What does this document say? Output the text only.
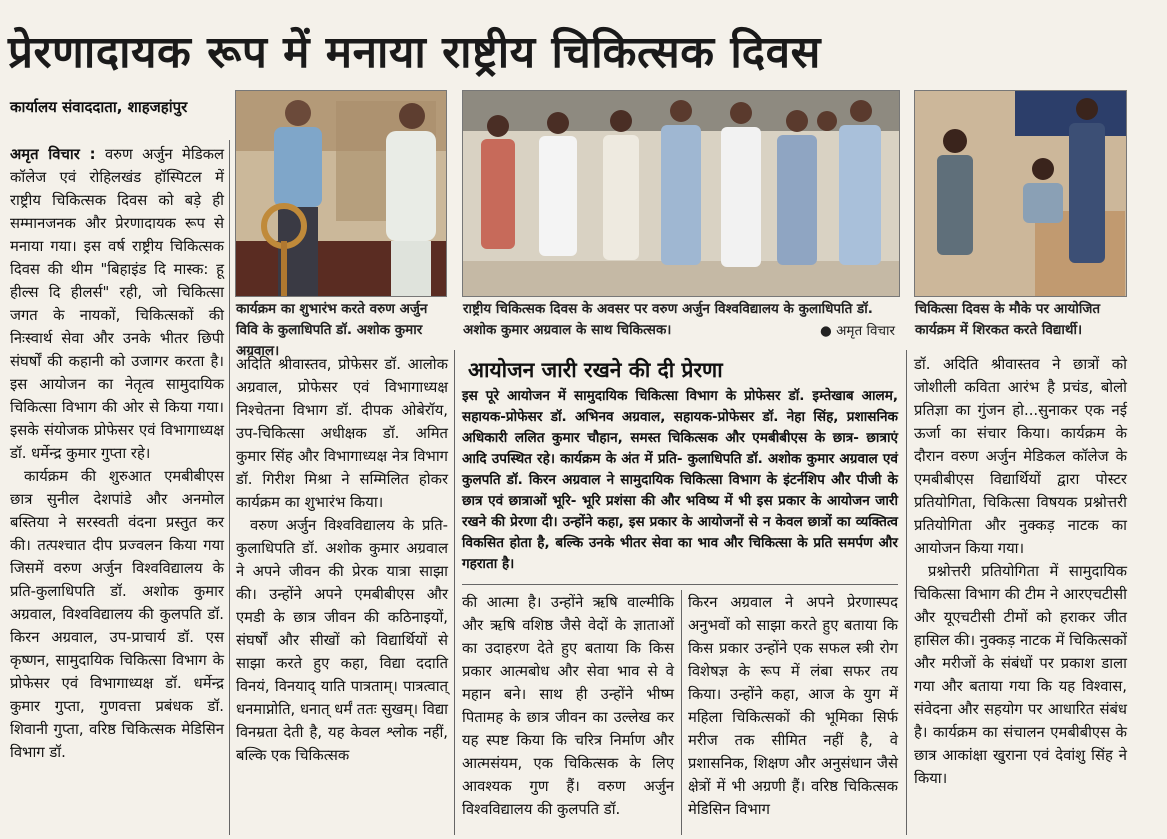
प्रेरणादायक रूप में मनाया राष्ट्रीय चिकित्सक दिवस
कार्यालय संवाददाता, शाहजहांपुर

अमृत विचार : वरुण अर्जुन मेडिकल कॉलेज एवं रोहिलखंड हॉस्पिटल में राष्ट्रीय चिकित्सक दिवस को बड़े ही सम्मानजनक और प्रेरणादायक रूप से मनाया गया। इस वर्ष राष्ट्रीय चिकित्सक दिवस की थीम "बिहाइंड दि मास्क: हू हील्स दि हीलर्स" रही, जो चिकित्सा जगत के नायकों, चिकित्सकों की निःस्वार्थ सेवा और उनके भीतर छिपी संघर्षों की कहानी को उजागर करता है। इस आयोजन का नेतृत्व सामुदायिक चिकित्सा विभाग की ओर से किया गया। इसके संयोजक प्रोफेसर एवं विभागाध्यक्ष डॉ. धर्मेन्द्र कुमार गुप्ता रहे।

कार्यक्रम की शुरुआत एमबीबीएस छात्र सुनील देशपांडे और अनमोल बस्तिया ने सरस्वती वंदना प्रस्तुत कर की। तत्पश्चात दीप प्रज्वलन किया गया जिसमें वरुण अर्जुन विश्वविद्यालय के प्रति-कुलाधिपति डॉ. अशोक कुमार अग्रवाल, विश्वविद्यालय की कुलपति डॉ. किरन अग्रवाल, उप-प्राचार्य डॉ. एस कृष्णन, सामुदायिक चिकित्सा विभाग के प्रोफेसर एवं विभागाध्यक्ष डॉ. धर्मेन्द्र कुमार गुप्ता, गुणवत्ता प्रबंधक डॉ. शिवानी गुप्ता, वरिष्ठ चिकित्सक मेडिसिन विभाग डॉ.

कार्यक्रम का शुभारंभ करते वरुण अर्जुन विवि के कुलाधिपति डॉ. अशोक कुमार अग्रवाल।
राष्ट्रीय चिकित्सक दिवस के अवसर पर वरुण अर्जुन विश्वविद्यालय के कुलाधिपति डॉ. अशोक कुमार अग्रवाल के साथ चिकित्सक।	● अमृत विचार
चिकित्सा दिवस के मौके पर आयोजित कार्यक्रम में शिरकत करते विद्यार्थी।

अदिति श्रीवास्तव, प्रोफेसर डॉ. आलोक अग्रवाल, प्रोफेसर एवं विभागाध्यक्ष निश्चेतना विभाग डॉ. दीपक ओबेरॉय, उप-चिकित्सा अधीक्षक डॉ. अमित कुमार सिंह और विभागाध्यक्ष नेत्र विभाग डॉ. गिरीश मिश्रा ने सम्मिलित होकर कार्यक्रम का शुभारंभ किया।

वरुण अर्जुन विश्वविद्यालय के प्रति-कुलाधिपति डॉ. अशोक कुमार अग्रवाल ने अपने जीवन की प्रेरक यात्रा साझा की। उन्होंने अपने एमबीबीएस और एमडी के छात्र जीवन की कठिनाइयों, संघर्षों और सीखों को विद्यार्थियों से साझा करते हुए कहा, विद्या ददाति विनयं, विनयाद् याति पात्रताम्। पात्रत्वात् धनमाप्नोति, धनात् धर्मं ततः सुखम्। विद्या विनम्रता देती है, यह केवल श्लोक नहीं, बल्कि एक चिकित्सक

आयोजन जारी रखने की दी प्रेरणा
इस पूरे आयोजन में सामुदायिक चिकित्सा विभाग के प्रोफेसर डॉ. इम्तेखाब आलम, सहायक-प्रोफेसर डॉ. अभिनव अग्रवाल, सहायक-प्रोफेसर डॉ. नेहा सिंह, प्रशासनिक अधिकारी ललित कुमार चौहान, समस्त चिकित्सक और एमबीबीएस के छात्र- छात्राएं आदि उपस्थित रहे। कार्यक्रम के अंत में प्रति- कुलाधिपति डॉ. अशोक कुमार अग्रवाल एवं कुलपति डॉ. किरन अग्रवाल ने सामुदायिक चिकित्सा विभाग के इंटर्नशिप और पीजी के छात्र एवं छात्राओं भूरि- भूरि प्रशंसा की और भविष्य में भी इस प्रकार के आयोजन जारी रखने की प्रेरणा दी। उन्होंने कहा, इस प्रकार के आयोजनों से न केवल छात्रों का व्यक्तित्व विकसित होता है, बल्कि उनके भीतर सेवा का भाव और चिकित्सा के प्रति समर्पण और गहराता है।

की आत्मा है। उन्होंने ऋषि वाल्मीकि और ऋषि वशिष्ठ जैसे वेदों के ज्ञाताओं का उदाहरण देते हुए बताया कि किस प्रकार आत्मबोध और सेवा भाव से वे महान बने। साथ ही उन्होंने भीष्म पितामह के छात्र जीवन का उल्लेख कर यह स्पष्ट किया कि चरित्र निर्माण और आत्मसंयम, एक चिकित्सक के लिए आवश्यक गुण हैं। वरुण अर्जुन विश्वविद्यालय की कुलपति डॉ.

किरन अग्रवाल ने अपने प्रेरणास्पद अनुभवों को साझा करते हुए बताया कि किस प्रकार उन्होंने एक सफल स्त्री रोग विशेषज्ञ के रूप में लंबा सफर तय किया। उन्होंने कहा, आज के युग में महिला चिकित्सकों की भूमिका सिर्फ मरीज तक सीमित नहीं है, वे प्रशासनिक, शिक्षण और अनुसंधान जैसे क्षेत्रों में भी अग्रणी हैं। वरिष्ठ चिकित्सक मेडिसिन विभाग

डॉ. अदिति श्रीवास्तव ने छात्रों को जोशीली कविता आरंभ है प्रचंड, बोलो प्रतिज्ञा का गुंजन हो...सुनाकर एक नई ऊर्जा का संचार किया। कार्यक्रम के दौरान वरुण अर्जुन मेडिकल कॉलेज के एमबीबीएस विद्यार्थियों द्वारा पोस्टर प्रतियोगिता, चिकित्सा विषयक प्रश्नोत्तरी प्रतियोगिता और नुक्कड़ नाटक का आयोजन किया गया।

प्रश्नोत्तरी प्रतियोगिता में सामुदायिक चिकित्सा विभाग की टीम ने आरएचटीसी और यूएचटीसी टीमों को हराकर जीत हासिल की। नुक्कड़ नाटक में चिकित्सकों और मरीजों के संबंधों पर प्रकाश डाला गया और बताया गया कि यह विश्वास, संवेदना और सहयोग पर आधारित संबंध है। कार्यक्रम का संचालन एमबीबीएस के छात्र आकांक्षा खुराना एवं देवांशु सिंह ने किया।
